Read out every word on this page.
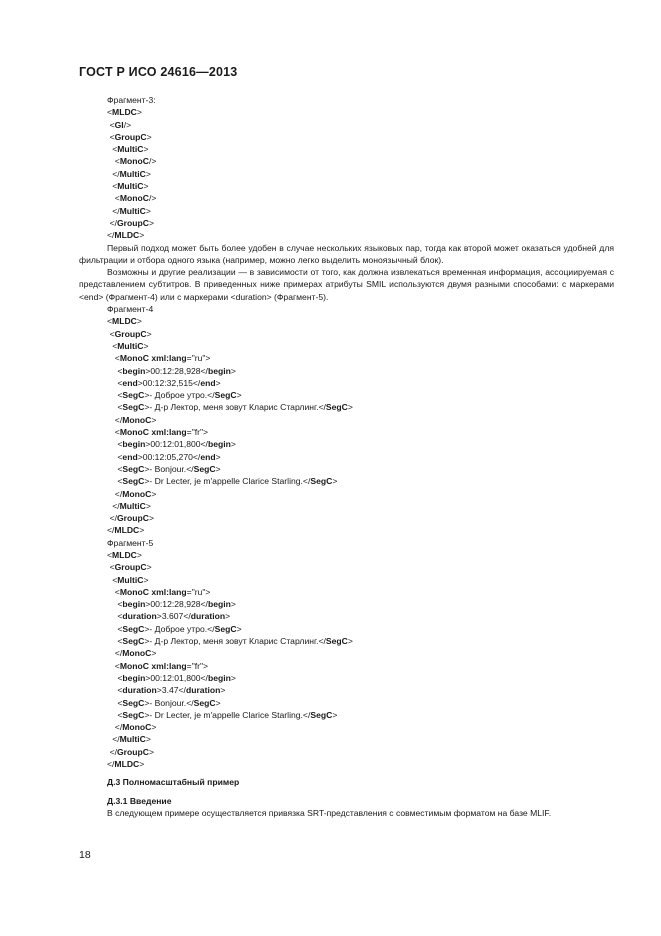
ГОСТ Р ИСО 24616—2013
Фрагмент-3:
<MLDC>
<GI/>
<GroupC>
<MultiC>
<MonoC/>
</MultiC>
<MultiC>
<MonoC/>
</MultiC>
</GroupC>
</MLDC>

Первый подход может быть более удобен в случае нескольких языковых пар, тогда как второй может оказаться удобней для фильтрации и отбора одного языка (например, можно легко выделить моноязычный блок).

Возможны и другие реализации — в зависимости от того, как должна извлекаться временная информация, ассоциируемая с представлением субтитров. В приведенных ниже примерах атрибуты SMIL используются двумя разными способами: с маркерами <end> (Фрагмент-4) или с маркерами <duration> (Фрагмент-5).

Фрагмент-4
<MLDC>
<GroupC>
<MultiC>
<MonoC xml:lang="ru">
<begin>00:12:28,928</begin>
<end>00:12:32,515</end>
<SegC>- Доброе утро.</SegC>
<SegC>- Д-р Лектор, меня зовут Кларис Старлинг.</SegC>
</MonoC>
<MonoC xml:lang="fr">
<begin>00:12:01,800</begin>
<end>00:12:05,270</end>
<SegC>- Bonjour.</SegC>
<SegC>- Dr Lecter, je m'appelle Clarice Starling.</SegC>
</MonoC>
</MultiC>
</GroupC>
</MLDC>
Фрагмент-5
<MLDC>
<GroupC>
<MultiC>
<MonoC xml:lang="ru">
<begin>00:12:28,928</begin>
<duration>3.607</duration>
<SegC>- Доброе утро.</SegC>
<SegC>- Д-р Лектор, меня зовут Кларис Старлинг.</SegC>
</MonoC>
<MonoC xml:lang="fr">
<begin>00:12:01,800</begin>
<duration>3.47</duration>
<SegC>- Bonjour.</SegC>
<SegC>- Dr Lecter, je m'appelle Clarice Starling.</SegC>
</MonoC>
</MultiC>
</GroupC>
</MLDC>
Д.3 Полномасштабный пример
Д.3.1 Введение

В следующем примере осуществляется привязка SRT-представления с совместимым форматом на базе MLIF.

18
